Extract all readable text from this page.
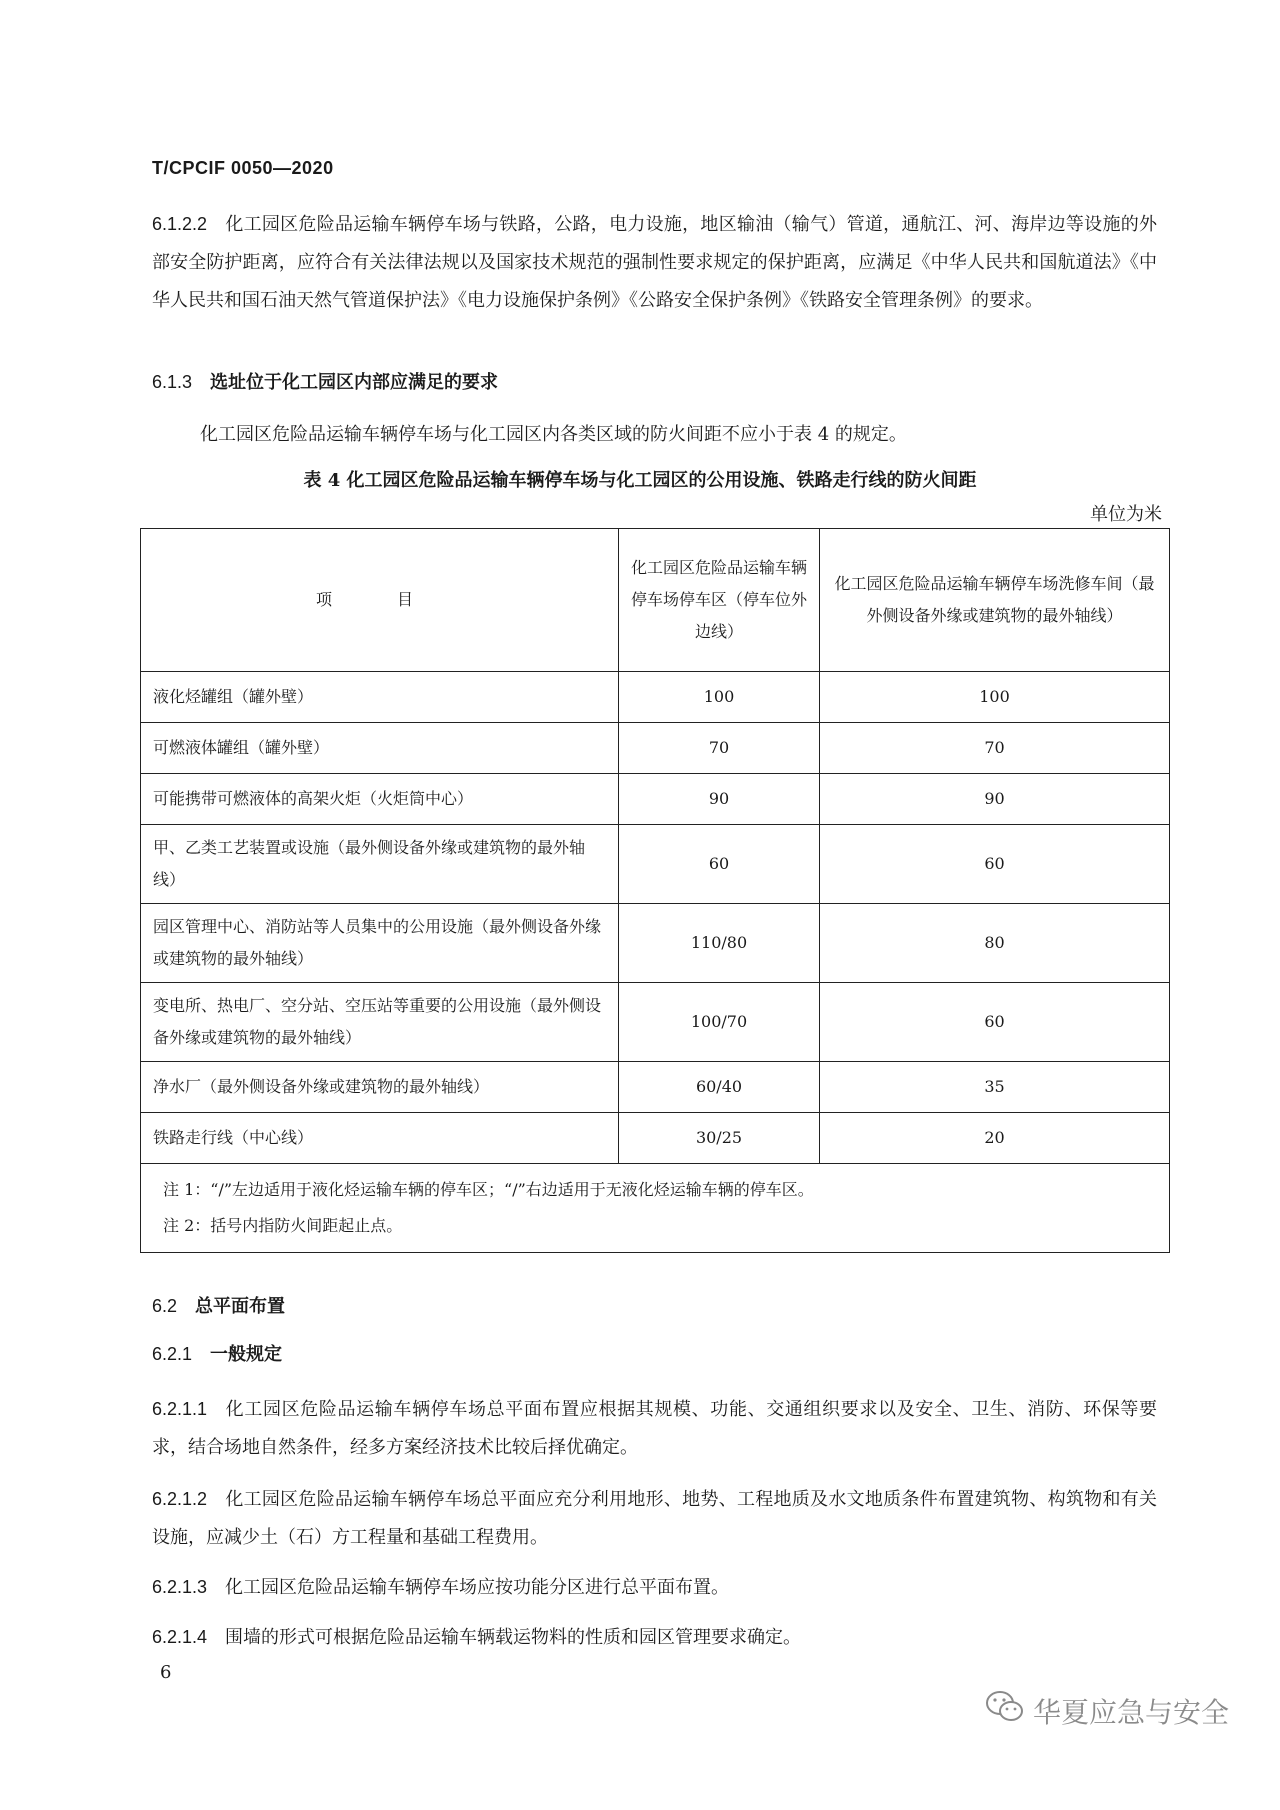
T/CPCIF 0050—2020
6.1.2.2 化工园区危险品运输车辆停车场与铁路，公路，电力设施，地区输油（输气）管道，通航江、河、海岸边等设施的外部安全防护距离，应符合有关法律法规以及国家技术规范的强制性要求规定的保护距离，应满足《中华人民共和国航道法》《中华人民共和国石油天然气管道保护法》《电力设施保护条例》《公路安全保护条例》《铁路安全管理条例》的要求。
6.1.3 选址位于化工园区内部应满足的要求
化工园区危险品运输车辆停车场与化工园区内各类区域的防火间距不应小于表 4 的规定。
表 4 化工园区危险品运输车辆停车场与化工园区的公用设施、铁路走行线的防火间距
单位为米
项 目	化工园区危险品运输车辆停车场停车区（停车位外边线）	化工园区危险品运输车辆停车场洗修车间（最外侧设备外缘或建筑物的最外轴线）
液化烃罐组（罐外壁）	100	100
可燃液体罐组（罐外壁）	70	70
可能携带可燃液体的高架火炬（火炬筒中心）	90	90
甲、乙类工艺装置或设施（最外侧设备外缘或建筑物的最外轴线）	60	60
园区管理中心、消防站等人员集中的公用设施（最外侧设备外缘或建筑物的最外轴线）	110/80	80
变电所、热电厂、空分站、空压站等重要的公用设施（最外侧设备外缘或建筑物的最外轴线）	100/70	60
净水厂（最外侧设备外缘或建筑物的最外轴线）	60/40	35
铁路走行线（中心线）	30/25	20

注 1：“/”左边适用于液化烃运输车辆的停车区；“/”右边适用于无液化烃运输车辆的停车区。
注 2：括号内指防火间距起止点。		
6.2 总平面布置
6.2.1 一般规定
6.2.1.1 化工园区危险品运输车辆停车场总平面布置应根据其规模、功能、交通组织要求以及安全、卫生、消防、环保等要求，结合场地自然条件，经多方案经济技术比较后择优确定。
6.2.1.2 化工园区危险品运输车辆停车场总平面应充分利用地形、地势、工程地质及水文地质条件布置建筑物、构筑物和有关设施，应减少土（石）方工程量和基础工程费用。
6.2.1.3 化工园区危险品运输车辆停车场应按功能分区进行总平面布置。
6.2.1.4 围墙的形式可根据危险品运输车辆载运物料的性质和园区管理要求确定。
6
华夏应急与安全
